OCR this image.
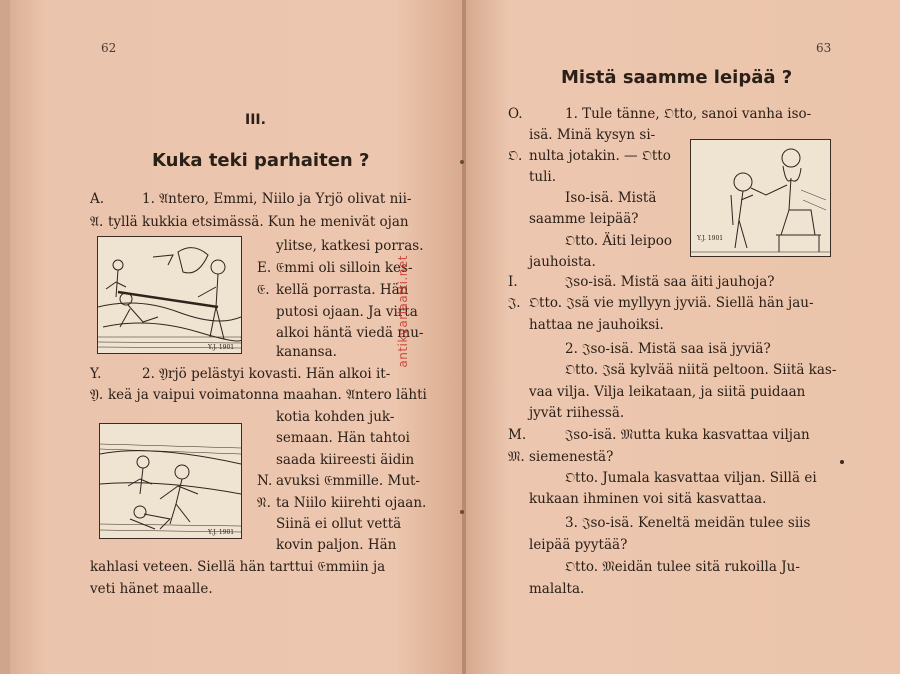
62
III.
Kuka teki parhaiten ?
A.
𝔄.
E.
𝔈.
Y.
𝔜.
N.
𝔑.
1. 𝔄ntero, Emmi, Niilo ja Yrjö olivat nii-
tyllä kukkia etsimässä. Kun he menivät ojan
ylitse, katkesi porras.
𝔈mmi oli silloin kes-
kellä porrasta. Hän
putosi ojaan. Ja virta
alkoi häntä viedä mu-
kanansa.
2. 𝔜rjö pelästyi kovasti. Hän alkoi it-
keä ja vaipui voimatonna maahan. 𝔄ntero lähti
kotia kohden juk-
semaan. Hän tahtoi
saada kiireesti äidin
avuksi 𝔈mmille. Mut-
ta Niilo kiirehti ojaan.
Siinä ei ollut vettä
kovin paljon. Hän
kahlasi veteen. Siellä hän tarttui 𝔈mmiin ja
veti hänet maalle.
Y.J. 1901
Y.J. 1901
antikvariaatti.net
63
Mistä saamme leipää ?
O.
𝔒.
I.
𝔍.
M.
𝔐.
1. Tule tänne, 𝔒tto, sanoi vanha iso-
isä. Minä kysyn si-
nulta jotakin. — 𝔒tto
tuli.
Iso-isä. Mistä
saamme leipää?
𝔒tto. Äiti leipoo
jauhoista.
𝔍so-isä. Mistä saa äiti jauhoja?
𝔒tto. 𝔍sä vie myllyyn jyviä. Siellä hän jau-
hattaa ne jauhoiksi.
2. 𝔍so-isä. Mistä saa isä jyviä?
𝔒tto. 𝔍sä kylvää niitä peltoon. Siitä kas-
vaa vilja. Vilja leikataan, ja siitä puidaan
jyvät riihessä.
𝔍so-isä. 𝔐utta kuka kasvattaa viljan
siemenestä?
𝔒tto. Jumala kasvattaa viljan. Sillä ei
kukaan ihminen voi sitä kasvattaa.
3. 𝔍so-isä. Keneltä meidän tulee siis
leipää pyytää?
𝔒tto. 𝔐eidän tulee sitä rukoilla Ju-
malalta.
Y.J. 1901
